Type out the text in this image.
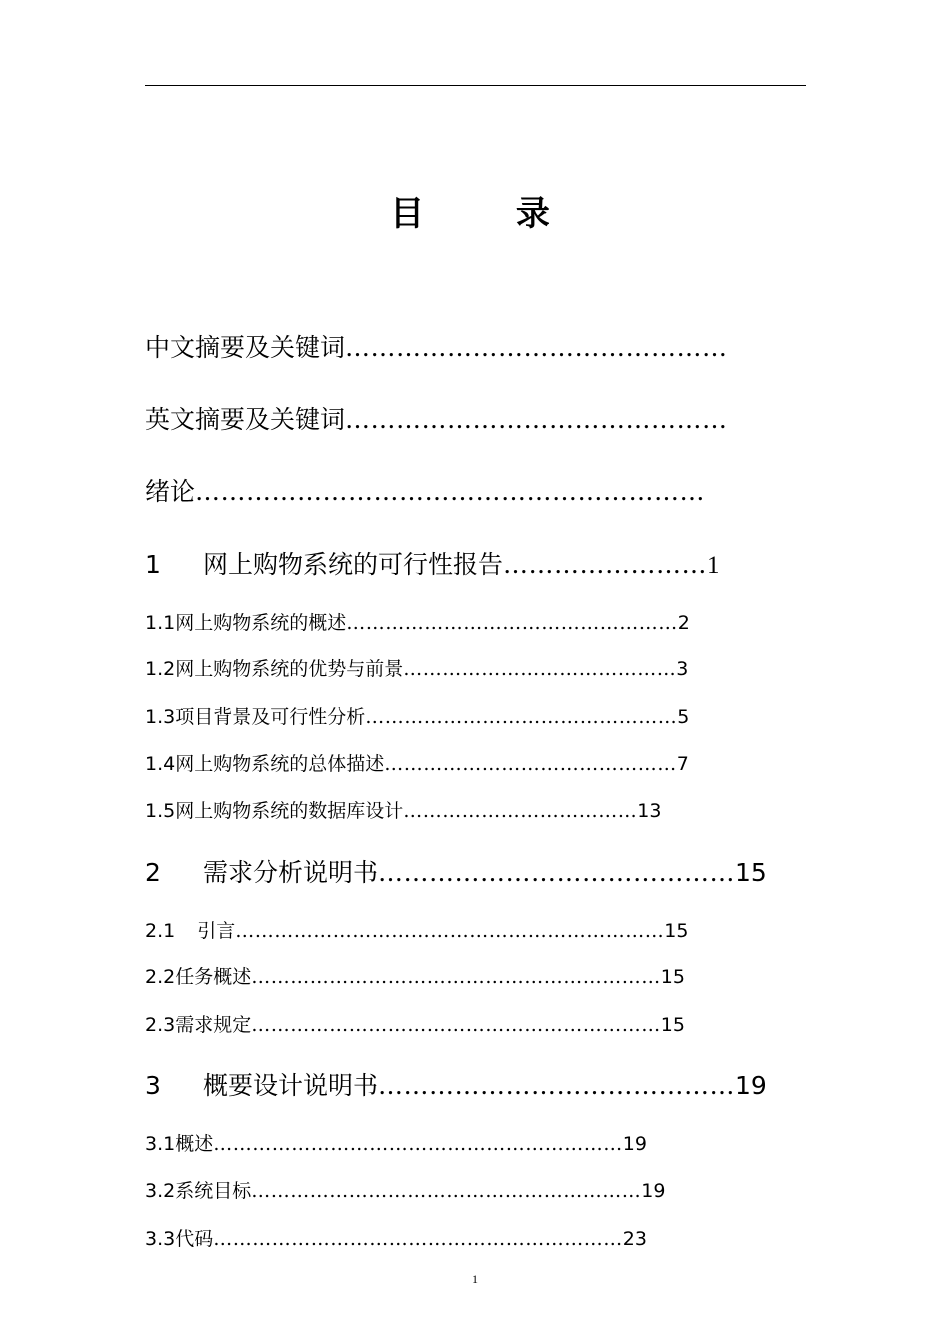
目 录
中文摘要及关键词………………………………………
英文摘要及关键词………………………………………
绪论……………………………………………………
1 网上购物系统的可行性报告……………………1
1.1网上购物系统的概述……………………………………………2
1.2网上购物系统的优势与前景……………………………………3
1.3项目背景及可行性分析…………………………………………5
1.4网上购物系统的总体描述………………………………………7
1.5网上购物系统的数据库设计………………………………13
2 需求分析说明书……………………………………15
2.1 引言…………………………………………………………15
2.2任务概述………………………………………………………15
2.3需求规定………………………………………………………15
3 概要设计说明书……………………………………19
3.1概述………………………………………………………19
3.2系统目标……………………………………………………19
3.3代码………………………………………………………23
1
